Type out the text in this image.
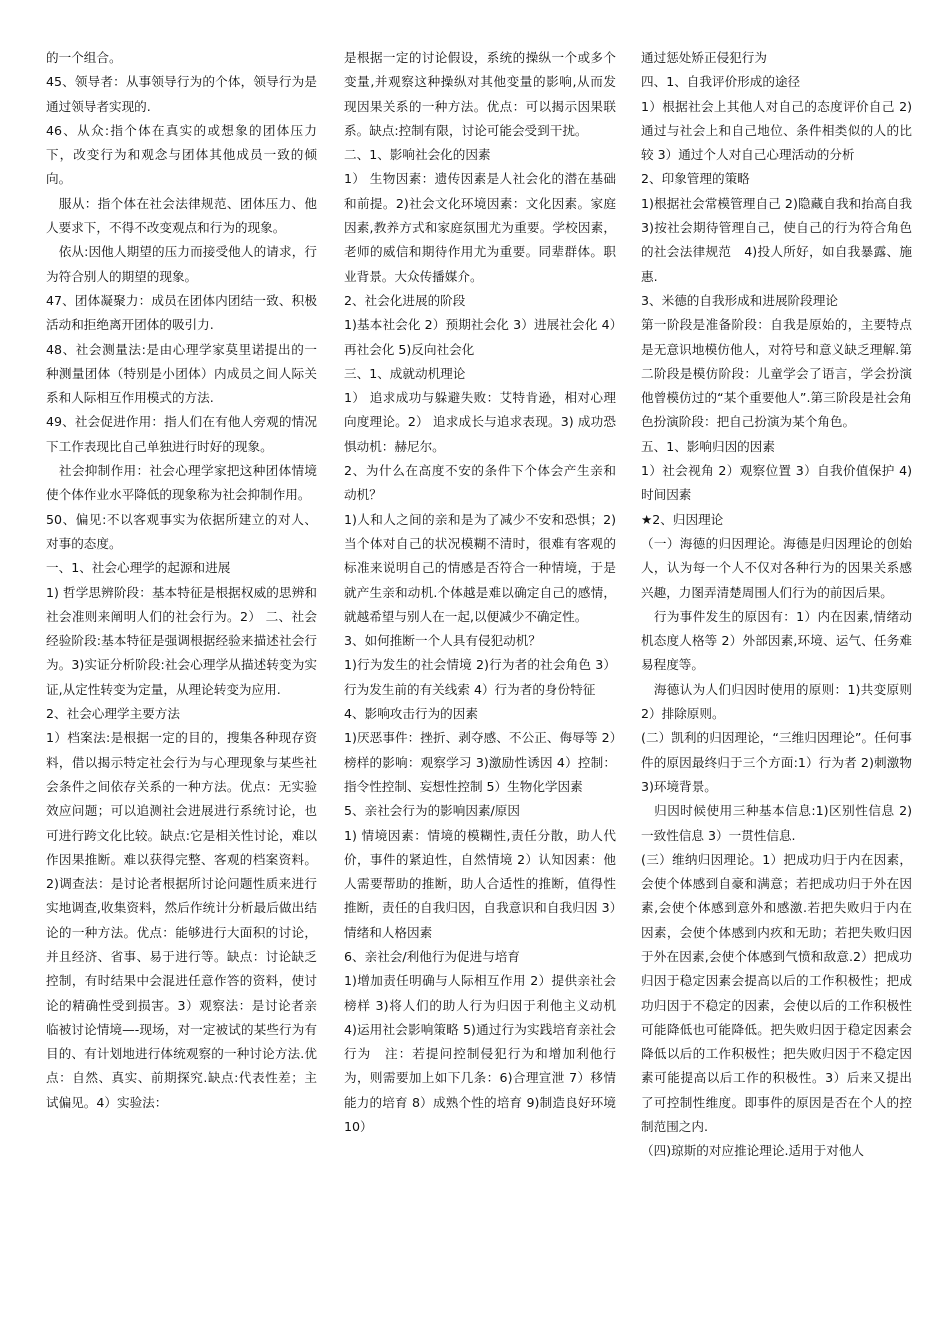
的一个组合。

45、领导者：从事领导行为的个体，领导行为是通过领导者实现的.

46、从众:指个体在真实的或想象的团体压力下，改变行为和观念与团体其他成员一致的倾向。

　服从：指个体在社会法律规范、团体压力、他人要求下，不得不改变观点和行为的现象。

　依从:因他人期望的压力而接受他人的请求，行为符合别人的期望的现象。

47、团体凝聚力：成员在团体内团结一致、积极活动和拒绝离开团体的吸引力.

48、社会测量法:是由心理学家莫里诺提出的一种测量团体（特别是小团体）内成员之间人际关系和人际相互作用模式的方法.

49、社会促进作用：指人们在有他人旁观的情况下工作表现比自己单独进行时好的现象。

　社会抑制作用：社会心理学家把这种团体情境使个体作业水平降低的现象称为社会抑制作用。

50、偏见:不以客观事实为依据所建立的对人、对事的态度。

一、1、社会心理学的起源和进展

1) 哲学思辨阶段：基本特征是根据权威的思辨和社会准则来阐明人们的社会行为。2） 二、社会经验阶段:基本特征是强调根据经验来描述社会行为。3)实证分析阶段:社会心理学从描述转变为实证,从定性转变为定量，从理论转变为应用.

2、社会心理学主要方法

1）档案法:是根据一定的目的，搜集各种现存资料，借以揭示特定社会行为与心理现象与某些社会条件之间依存关系的一种方法。优点：无实验效应问题；可以追测社会进展进行系统讨论，也可进行跨文化比较。缺点:它是相关性讨论，难以作因果推断。难以获得完整、客观的档案资料。2)调查法：是讨论者根据所讨论问题性质来进行实地调查,收集资料，然后作统计分析最后做出结论的一种方法。优点：能够进行大面积的讨论，并且经济、省事、易于进行等。缺点：讨论缺乏控制，有时结果中会混进任意作答的资料，使讨论的精确性受到损害。3）观察法：是讨论者亲临被讨论情境—-现场，对一定被试的某些行为有目的、有计划地进行体统观察的一种讨论方法.优点：自然、真实、前期探究.缺点:代表性差；主试偏见。4）实验法：

是根据一定的讨论假设，系统的操纵一个或多个变量,并观察这种操纵对其他变量的影响,从而发现因果关系的一种方法。优点：可以揭示因果联系。缺点:控制有限，讨论可能会受到干扰。

二、1、影响社会化的因素

1） 生物因素：遗传因素是人社会化的潜在基础和前提。2)社会文化环境因素：文化因素。家庭因素,教养方式和家庭氛围尤为重要。学校因素，老师的威信和期待作用尤为重要。同辈群体。职业背景。大众传播媒介。

2、社会化进展的阶段

1)基本社会化 2）预期社会化 3）进展社会化 4）再社会化 5)反向社会化

三、1、成就动机理论

1） 追求成功与躲避失败：艾特肯逊，相对心理向度理论。2） 追求成长与追求表现。3) 成功恐惧动机：赫尼尔。

2、为什么在高度不安的条件下个体会产生亲和动机？

1)人和人之间的亲和是为了减少不安和恐惧；2)当个体对自己的状况模糊不清时，很难有客观的标准来说明自己的情感是否符合一种情境，于是就产生亲和动机.个体越是难以确定自己的感情，就越希望与别人在一起,以便减少不确定性。

3、如何推断一个人具有侵犯动机？

1)行为发生的社会情境 2)行为者的社会角色 3）行为发生前的有关线索 4）行为者的身份特征

4、影响攻击行为的因素

1)厌恶事件：挫折、剥夺感、不公正、侮辱等 2）榜样的影响：观察学习 3)激励性诱因 4）控制：指令性控制、妄想性控制 5）生物化学因素

5、亲社会行为的影响因素/原因

1) 情境因素：情境的模糊性,责任分散，助人代价，事件的紧迫性，自然情境 2）认知因素：他人需要帮助的推断，助人合适性的推断，值得性推断，责任的自我归因，自我意识和自我归因 3）情绪和人格因素

6、亲社会/利他行为促进与培育

1)增加责任明确与人际相互作用 2）提供亲社会榜样 3)将人们的助人行为归因于利他主义动机 4)运用社会影响策略 5)通过行为实践培育亲社会行为　注：若提问控制侵犯行为和增加利他行为，则需要加上如下几条：6)合理宣泄 7）移情能力的培育 8）成熟个性的培育 9)制造良好环境 10）

通过惩处矫正侵犯行为

四、1、自我评价形成的途径

1）根据社会上其他人对自己的态度评价自己 2)通过与社会上和自己地位、条件相类似的人的比较 3）通过个人对自己心理活动的分析

2、印象管理的策略

1)根据社会常模管理自己 2)隐藏自我和抬高自我 3)按社会期待管理自己，使自己的行为符合角色的社会法律规范　4)投人所好，如自我暴露、施惠.

3、米德的自我形成和进展阶段理论

第一阶段是准备阶段：自我是原始的，主要特点是无意识地模仿他人，对符号和意义缺乏理解.第二阶段是模仿阶段：儿童学会了语言，学会扮演他曾模仿过的“某个重要他人”.第三阶段是社会角色扮演阶段：把自己扮演为某个角色。

五、1、影响归因的因素

1）社会视角 2）观察位置 3）自我价值保护 4)时间因素

★2、归因理论

（一）海德的归因理论。海德是归因理论的创始人，认为每一个人不仅对各种行为的因果关系感兴趣，力图弄清楚周围人们行为的前因后果。

　行为事件发生的原因有：1）内在因素,情绪动机态度人格等 2）外部因素,环境、运气、任务难易程度等。

　海德认为人们归因时使用的原则：1)共变原则 2）排除原则。

(二）凯利的归因理论，“三维归因理论”。任何事件的原因最终归于三个方面:1）行为者 2)刺激物 3)环境背景。

　归因时候使用三种基本信息:1)区别性信息 2)一致性信息 3）一贯性信息.

(三）维纳归因理论。1）把成功归于内在因素，会使个体感到自豪和满意；若把成功归于外在因素,会使个体感到意外和感激.若把失败归于内在因素，会使个体感到内疚和无助；若把失败归因于外在因素,会使个体感到气愤和敌意.2）把成功归因于稳定因素会提高以后的工作积极性；把成功归因于不稳定的因素，会使以后的工作积极性可能降低也可能降低。把失败归因于稳定因素会降低以后的工作积极性；把失败归因于不稳定因素可能提高以后工作的积极性。3）后来又提出了可控制性维度。即事件的原因是否在个人的控制范围之内.

（四)琼斯的对应推论理论.适用于对他人
